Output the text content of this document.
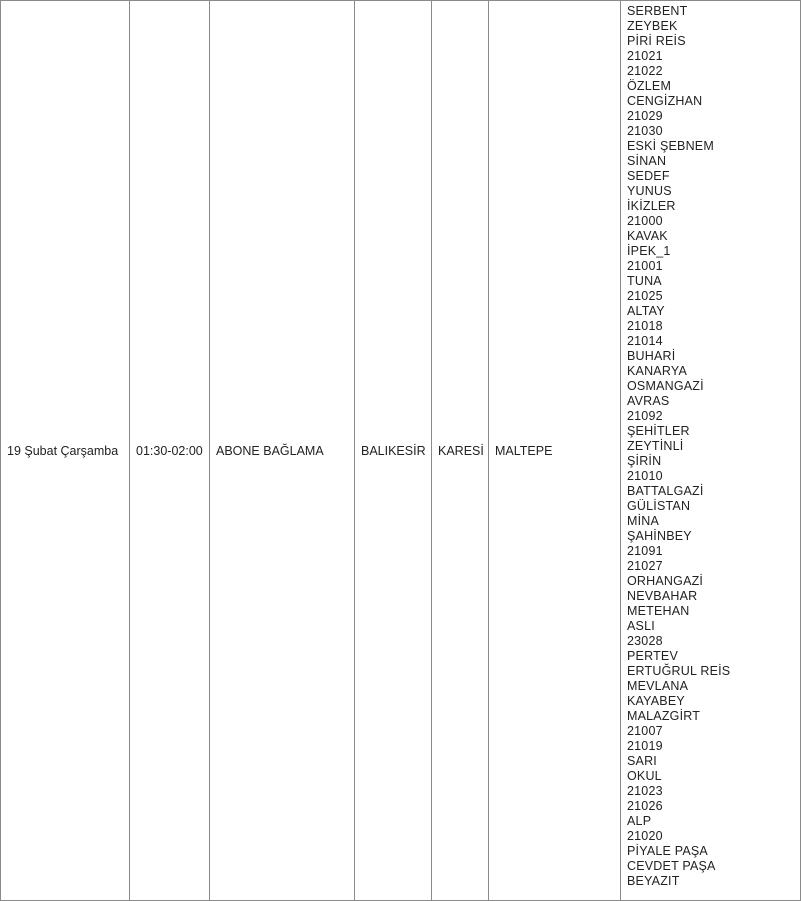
19 Şubat Çarşamba	01:30-02:00	ABONE BAĞLAMA	BALIKESİR	KARESİ	MALTEPE	
SERBENT
ZEYBEK
PİRİ REİS
21021
21022
ÖZLEM
CENGİZHAN
21029
21030
ESKİ ŞEBNEM
SİNAN
SEDEF
YUNUS
İKİZLER
21000
KAVAK
İPEK_1
21001
TUNA
21025
ALTAY
21018
21014
BUHARİ
KANARYA
OSMANGAZİ
AVRAS
21092
ŞEHİTLER
ZEYTİNLİ
ŞİRİN
21010
BATTALGAZİ
GÜLİSTAN
MİNA
ŞAHİNBEY
21091
21027
ORHANGAZİ
NEVBAHAR
METEHAN
ASLI
23028
PERTEV
ERTUĞRUL REİS
MEVLANA
KAYABEY
MALAZGİRT
21007
21019
SARI
OKUL
21023
21026
ALP
21020
PİYALE PAŞA
CEVDET PAŞA
BEYAZIT
